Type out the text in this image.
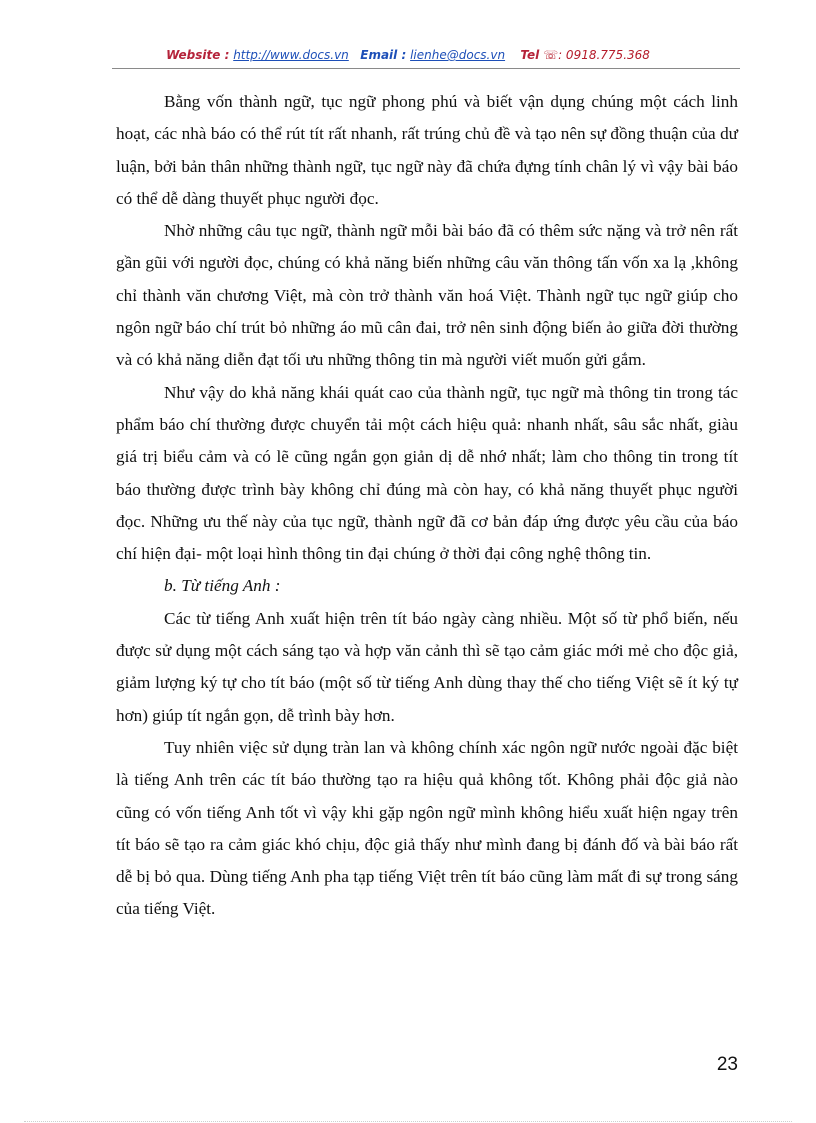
Website : http://www.docs.vn Email : lienhe@docs.vn Tel ☏: 0918.775.368

Bằng vốn thành ngữ, tục ngữ phong phú và biết vận dụng chúng một cách linh hoạt, các nhà báo có thể rút tít rất nhanh, rất trúng chủ đề và tạo nên sự đồng thuận của dư luận, bởi bản thân những thành ngữ, tục ngữ này đã chứa đựng tính chân lý vì vậy bài báo có thể dễ dàng thuyết phục người đọc.

Nhờ những câu tục ngữ, thành ngữ mỗi bài báo đã có thêm sức nặng và trở nên rất gần gũi với người đọc, chúng có khả năng biến những câu văn thông tấn vốn xa lạ ,không chỉ thành văn chương Việt, mà còn trở thành văn hoá Việt. Thành ngữ tục ngữ giúp cho ngôn ngữ báo chí trút bỏ những áo mũ cân đai, trở nên sinh động biến ảo giữa đời thường và có khả năng diễn đạt tối ưu những thông tin mà người viết muốn gửi gắm.

Như vậy do khả năng khái quát cao của thành ngữ, tục ngữ mà thông tin trong tác phẩm báo chí thường được chuyển tải một cách hiệu quả: nhanh nhất, sâu sắc nhất, giàu giá trị biểu cảm và có lẽ cũng ngắn gọn giản dị dễ nhớ nhất; làm cho thông tin trong tít báo thường được trình bày không chỉ đúng mà còn hay, có khả năng thuyết phục người đọc. Những ưu thế này của tục ngữ, thành ngữ đã cơ bản đáp ứng được yêu cầu của báo chí hiện đại- một loại hình thông tin đại chúng ở thời đại công nghệ thông tin.

b. Từ tiếng Anh :

Các từ tiếng Anh xuất hiện trên tít báo ngày càng nhiều. Một số từ phổ biến, nếu được sử dụng một cách sáng tạo và hợp văn cảnh thì sẽ tạo cảm giác mới mẻ cho độc giả, giảm lượng ký tự cho tít báo (một số từ tiếng Anh dùng thay thế cho tiếng Việt sẽ ít ký tự hơn) giúp tít ngắn gọn, dễ trình bày hơn.

Tuy nhiên việc sử dụng tràn lan và không chính xác ngôn ngữ nước ngoài đặc biệt là tiếng Anh trên các tít báo thường tạo ra hiệu quả không tốt. Không phải độc giả nào cũng có vốn tiếng Anh tốt vì vậy khi gặp ngôn ngữ mình không hiểu xuất hiện ngay trên tít báo sẽ tạo ra cảm giác khó chịu, độc giả thấy như mình đang bị đánh đố và bài báo rất dễ bị bỏ qua. Dùng tiếng Anh pha tạp tiếng Việt trên tít báo cũng làm mất đi sự trong sáng của tiếng Việt.

23
